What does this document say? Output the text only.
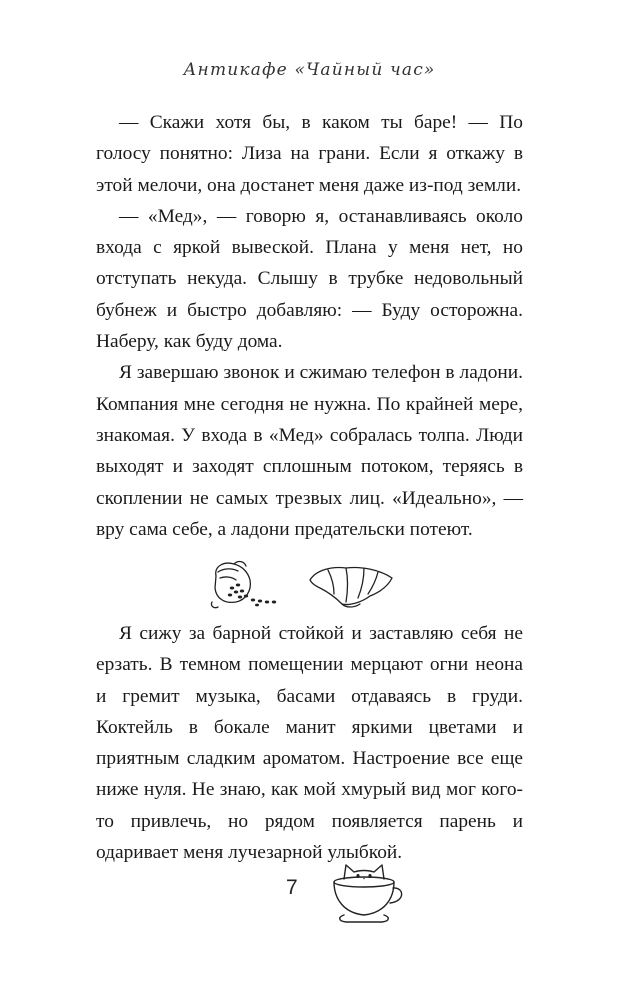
Антикафе «Чайный час»

— Скажи хотя бы, в каком ты баре! — По голосу понятно: Лиза на грани. Если я откажу в этой мелочи, она достанет меня даже из-под земли.

— «Мед», — говорю я, останавливаясь около входа с яркой вывеской. Плана у меня нет, но отступать некуда. Слышу в трубке недовольный бубнеж и быстро добавляю: — Буду осторожна. Наберу, как буду дома.

Я завершаю звонок и сжимаю телефон в ладони. Компания мне сегодня не нужна. По крайней мере, знакомая. У входа в «Мед» собралась толпа. Люди выходят и заходят сплошным потоком, теряясь в скоплении не самых трезвых лиц. «Идеально», — вру сама себе, а ладони предательски потеют.

Я сижу за барной стойкой и заставляю себя не ерзать. В темном помещении мерцают огни неона и гремит музыка, басами отдаваясь в груди. Коктейль в бокале манит яркими цветами и приятным сладким ароматом. Настроение все еще ниже нуля. Не знаю, как мой хмурый вид мог кого-то привлечь, но рядом появляется парень и одаривает меня лучезарной улыбкой.

7
